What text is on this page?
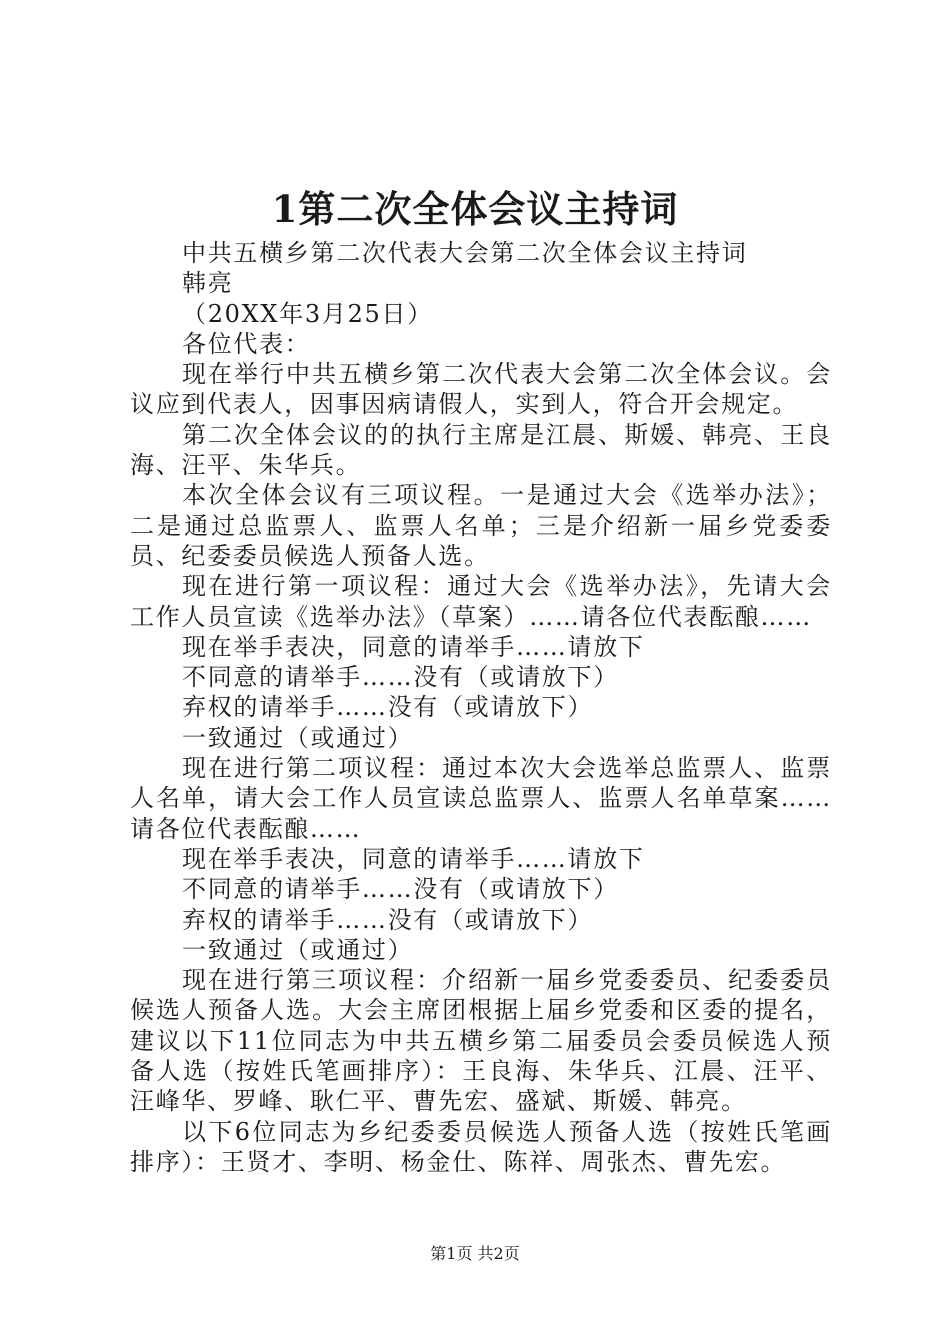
1第二次全体会议主持词

中共五横乡第二次代表大会第二次全体会议主持词

韩亮

（20XX年3月25日）

各位代表：

现在举行中共五横乡第二次代表大会第二次全体会议。会议应到代表人，因事因病请假人，实到人，符合开会规定。

第二次全体会议的的执行主席是江晨、斯媛、韩亮、王良海、汪平、朱华兵。

本次全体会议有三项议程。一是通过大会《选举办法》；二是通过总监票人、监票人名单；三是介绍新一届乡党委委员、纪委委员候选人预备人选。

现在进行第一项议程：通过大会《选举办法》，先请大会工作人员宣读《选举办法》（草案）……请各位代表酝酿……

现在举手表决，同意的请举手……请放下

不同意的请举手……没有（或请放下）

弃权的请举手……没有（或请放下）

一致通过（或通过）

现在进行第二项议程：通过本次大会选举总监票人、监票人名单，请大会工作人员宣读总监票人、监票人名单草案……请各位代表酝酿……

现在举手表决，同意的请举手……请放下

不同意的请举手……没有（或请放下）

弃权的请举手……没有（或请放下）

一致通过（或通过）

现在进行第三项议程：介绍新一届乡党委委员、纪委委员候选人预备人选。大会主席团根据上届乡党委和区委的提名，建议以下11位同志为中共五横乡第二届委员会委员候选人预备人选（按姓氏笔画排序）：王良海、朱华兵、江晨、汪平、汪峰华、罗峰、耿仁平、曹先宏、盛斌、斯媛、韩亮。

以下6位同志为乡纪委委员候选人预备人选（按姓氏笔画排序）：王贤才、李明、杨金仕、陈祥、周张杰、曹先宏。

第1页 共2页
